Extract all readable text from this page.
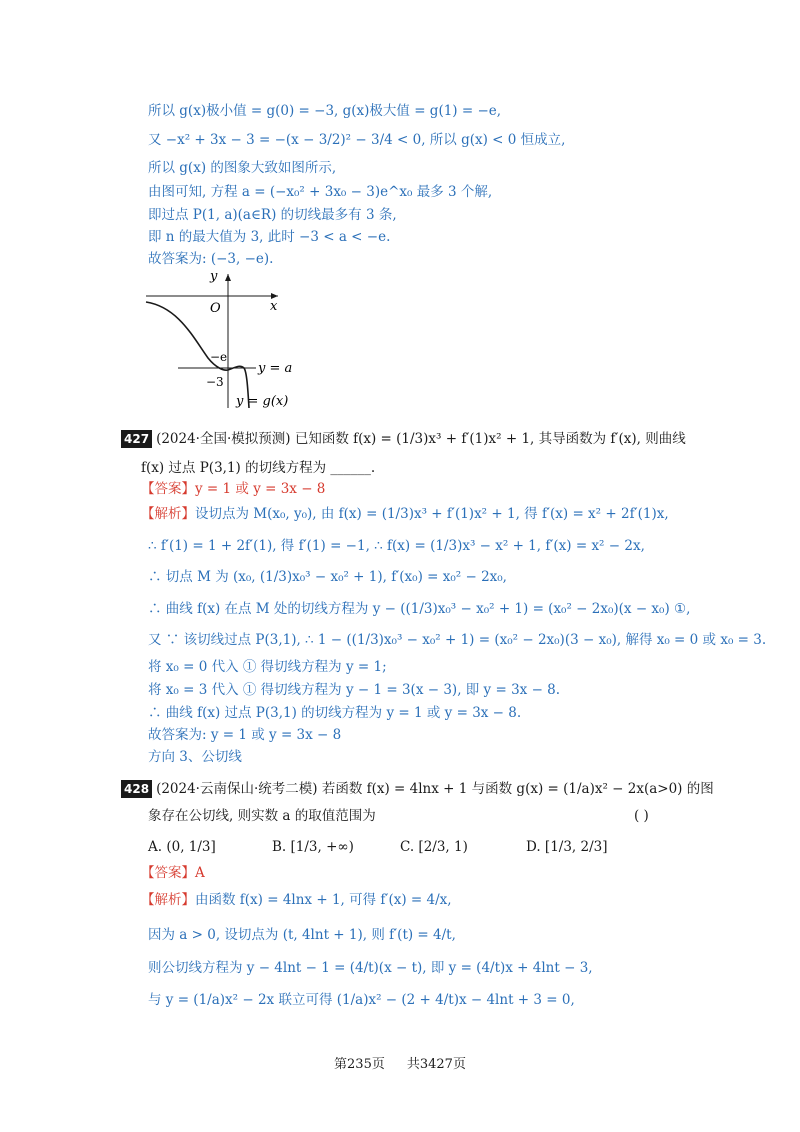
所以 g(x)极小值 = g(0) = −3, g(x)极大值 = g(1) = −e,
又 −x² + 3x − 3 = −(x − 3/2)² − 3/4 < 0, 所以 g(x) < 0 恒成立,
所以 g(x) 的图象大致如图所示,
由图可知, 方程 a = (−x₀² + 3x₀ − 3)e^x₀ 最多 3 个解,
即过点 P(1, a)(a∈R) 的切线最多有 3 条,
即 n 的最大值为 3, 此时 −3 < a < −e.
故答案为: (−3, −e).
y
x
O
−e
−3
y = a
y = g(x)
427 (2024·全国·模拟预测) 已知函数 f(x) = (1/3)x³ + f′(1)x² + 1, 其导函数为 f′(x), 则曲线
f(x) 过点 P(3,1) 的切线方程为 ______.
【答案】y = 1 或 y = 3x − 8
【解析】设切点为 M(x₀, y₀), 由 f(x) = (1/3)x³ + f′(1)x² + 1, 得 f′(x) = x² + 2f′(1)x,
∴ f′(1) = 1 + 2f′(1), 得 f′(1) = −1, ∴ f(x) = (1/3)x³ − x² + 1, f′(x) = x² − 2x,
∴ 切点 M 为 (x₀, (1/3)x₀³ − x₀² + 1), f′(x₀) = x₀² − 2x₀,
∴ 曲线 f(x) 在点 M 处的切线方程为 y − ((1/3)x₀³ − x₀² + 1) = (x₀² − 2x₀)(x − x₀) ①,
又 ∵ 该切线过点 P(3,1), ∴ 1 − ((1/3)x₀³ − x₀² + 1) = (x₀² − 2x₀)(3 − x₀), 解得 x₀ = 0 或 x₀ = 3.
将 x₀ = 0 代入 ① 得切线方程为 y = 1;
将 x₀ = 3 代入 ① 得切线方程为 y − 1 = 3(x − 3), 即 y = 3x − 8.
∴ 曲线 f(x) 过点 P(3,1) 的切线方程为 y = 1 或 y = 3x − 8.
故答案为: y = 1 或 y = 3x − 8
方向 3、公切线
428 (2024·云南保山·统考二模) 若函数 f(x) = 4lnx + 1 与函数 g(x) = (1/a)x² − 2x(a>0) 的图
象存在公切线, 则实数 a 的取值范围为	( )
A. (0, 1/3]	B. [1/3, +∞)	C. [2/3, 1)	D. [1/3, 2/3]
【答案】A
【解析】由函数 f(x) = 4lnx + 1, 可得 f′(x) = 4/x,
因为 a > 0, 设切点为 (t, 4lnt + 1), 则 f′(t) = 4/t,
则公切线方程为 y − 4lnt − 1 = (4/t)(x − t), 即 y = (4/t)x + 4lnt − 3,
与 y = (1/a)x² − 2x 联立可得 (1/a)x² − (2 + 4/t)x − 4lnt + 3 = 0,
第235页 共3427页
